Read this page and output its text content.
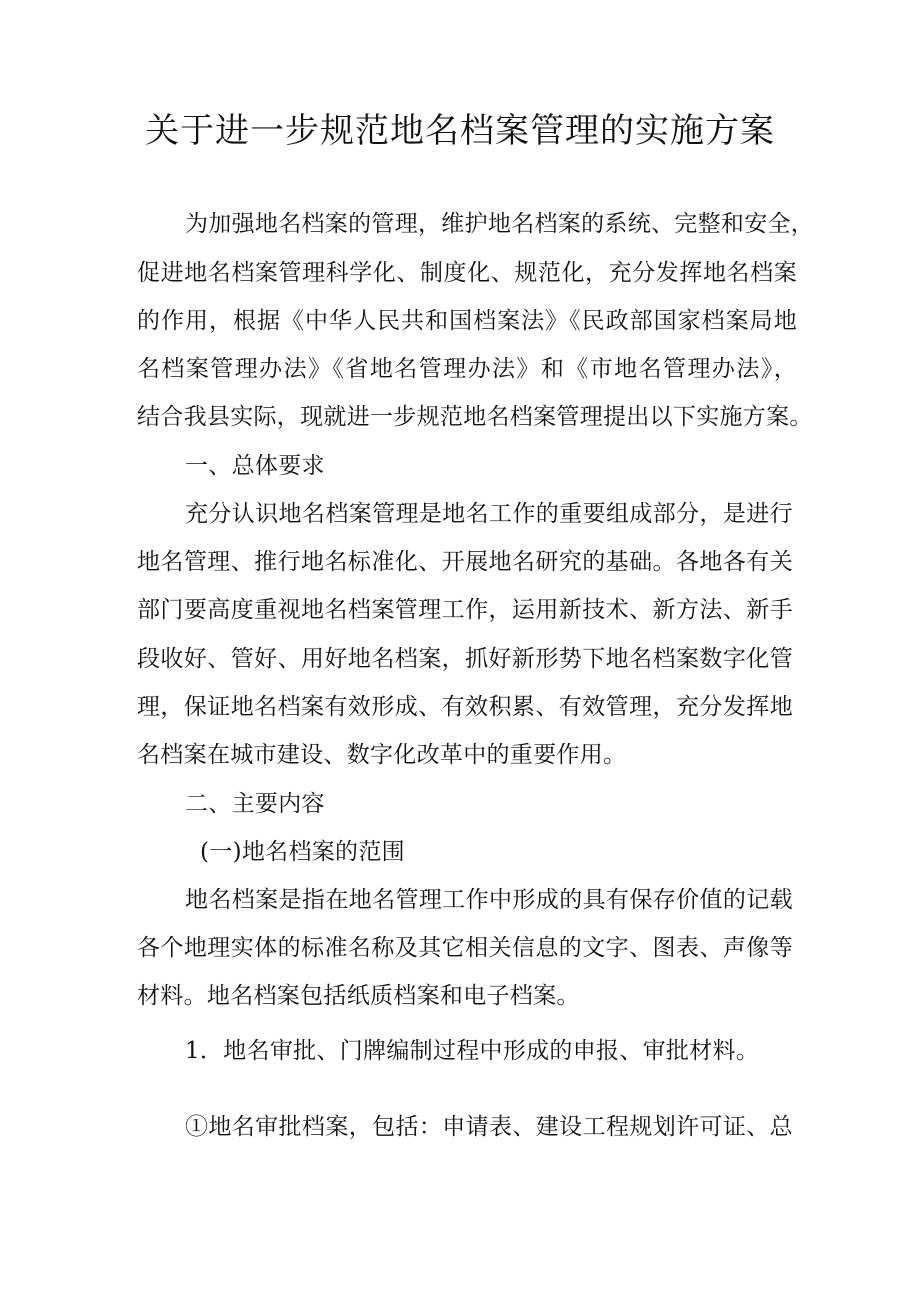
关于进一步规范地名档案管理的实施方案
为加强地名档案的管理，维护地名档案的系统、完整和安全，
促进地名档案管理科学化、制度化、规范化，充分发挥地名档案
的作用，根据《中华人民共和国档案法》《民政部国家档案局地
名档案管理办法》《省地名管理办法》和《市地名管理办法》，
结合我县实际，现就进一步规范地名档案管理提出以下实施方案。
一、总体要求
充分认识地名档案管理是地名工作的重要组成部分，是进行
地名管理、推行地名标准化、开展地名研究的基础。各地各有关
部门要高度重视地名档案管理工作，运用新技术、新方法、新手
段收好、管好、用好地名档案，抓好新形势下地名档案数字化管
理，保证地名档案有效形成、有效积累、有效管理，充分发挥地
名档案在城市建设、数字化改革中的重要作用。
二、主要内容
(一)地名档案的范围
地名档案是指在地名管理工作中形成的具有保存价值的记载
各个地理实体的标准名称及其它相关信息的文字、图表、声像等
材料。地名档案包括纸质档案和电子档案。
1．地名审批、门牌编制过程中形成的申报、审批材料。
①地名审批档案，包括：申请表、建设工程规划许可证、总
